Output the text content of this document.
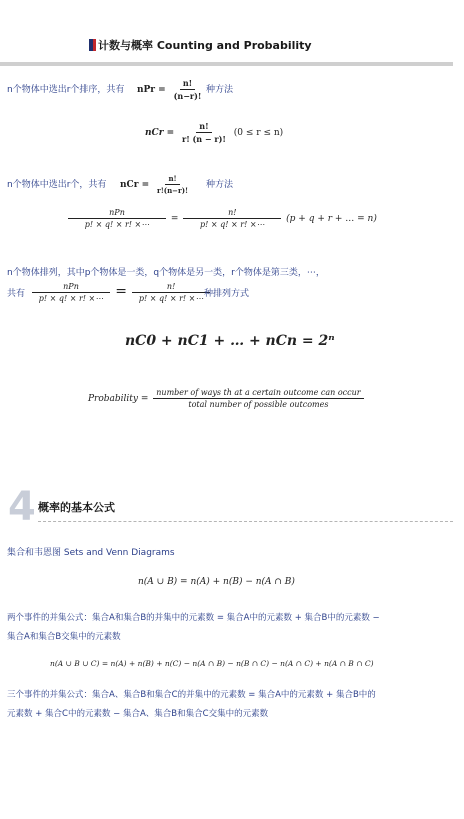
计数与概率 Counting and Probability
n个物体中选出r个排序，共有 nPr = $\frac{n!}{(n-r)!}$ 种方法
nCr = $\frac{n!}{r! (n - r)!} (0 \le r \le n)$
n个物体中选出r个，共有 nCr = $\frac{n!}{r!(n-r)!}$ 种方法
$\frac{\text{nPn}}{p! \times q! \times r! \times\cdots} = \frac{n!}{p! \times q! \times r! \times\cdots} (p + q + r$ + … = n)
n个物体排列，其中p个物体是一类，q个物体是另一类，r个物体是第三类，⋯，
共有 $\frac{\text{nPn}}{p! \times q! \times r! \times\cdots} = \frac{n!}{p! \times q! \times r! \times\cdots}$
种排列方式
nC0 + nC1 + … + nCn = 2ⁿ
Probability = $\frac{\text{number of ways th at a certain outcome can occur}}{\text{total number of possible outcomes}}$
4 概率的基本公式
集合和韦恩图 Sets and Venn Diagrams
n(A ∪ B) = n(A) + n(B) − n(A ∩ B)
两个事件的并集公式：集合A和集合B的并集中的元素数 = 集合A中的元素数 + 集合B中的元素数 −
集合A和集合B交集中的元素数
n(A ∪ B ∪ C) = n(A) + n(B) + n(C) − n(A ∩ B) − n(B ∩ C) − n(A ∩ C) + n(A ∩ B ∩ C)
三个事件的并集公式：集合A、集合B和集合C的并集中的元素数 = 集合A中的元素数 + 集合B中的
元素数 + 集合C中的元素数 − 集合A、集合B和集合C交集中的元素数
